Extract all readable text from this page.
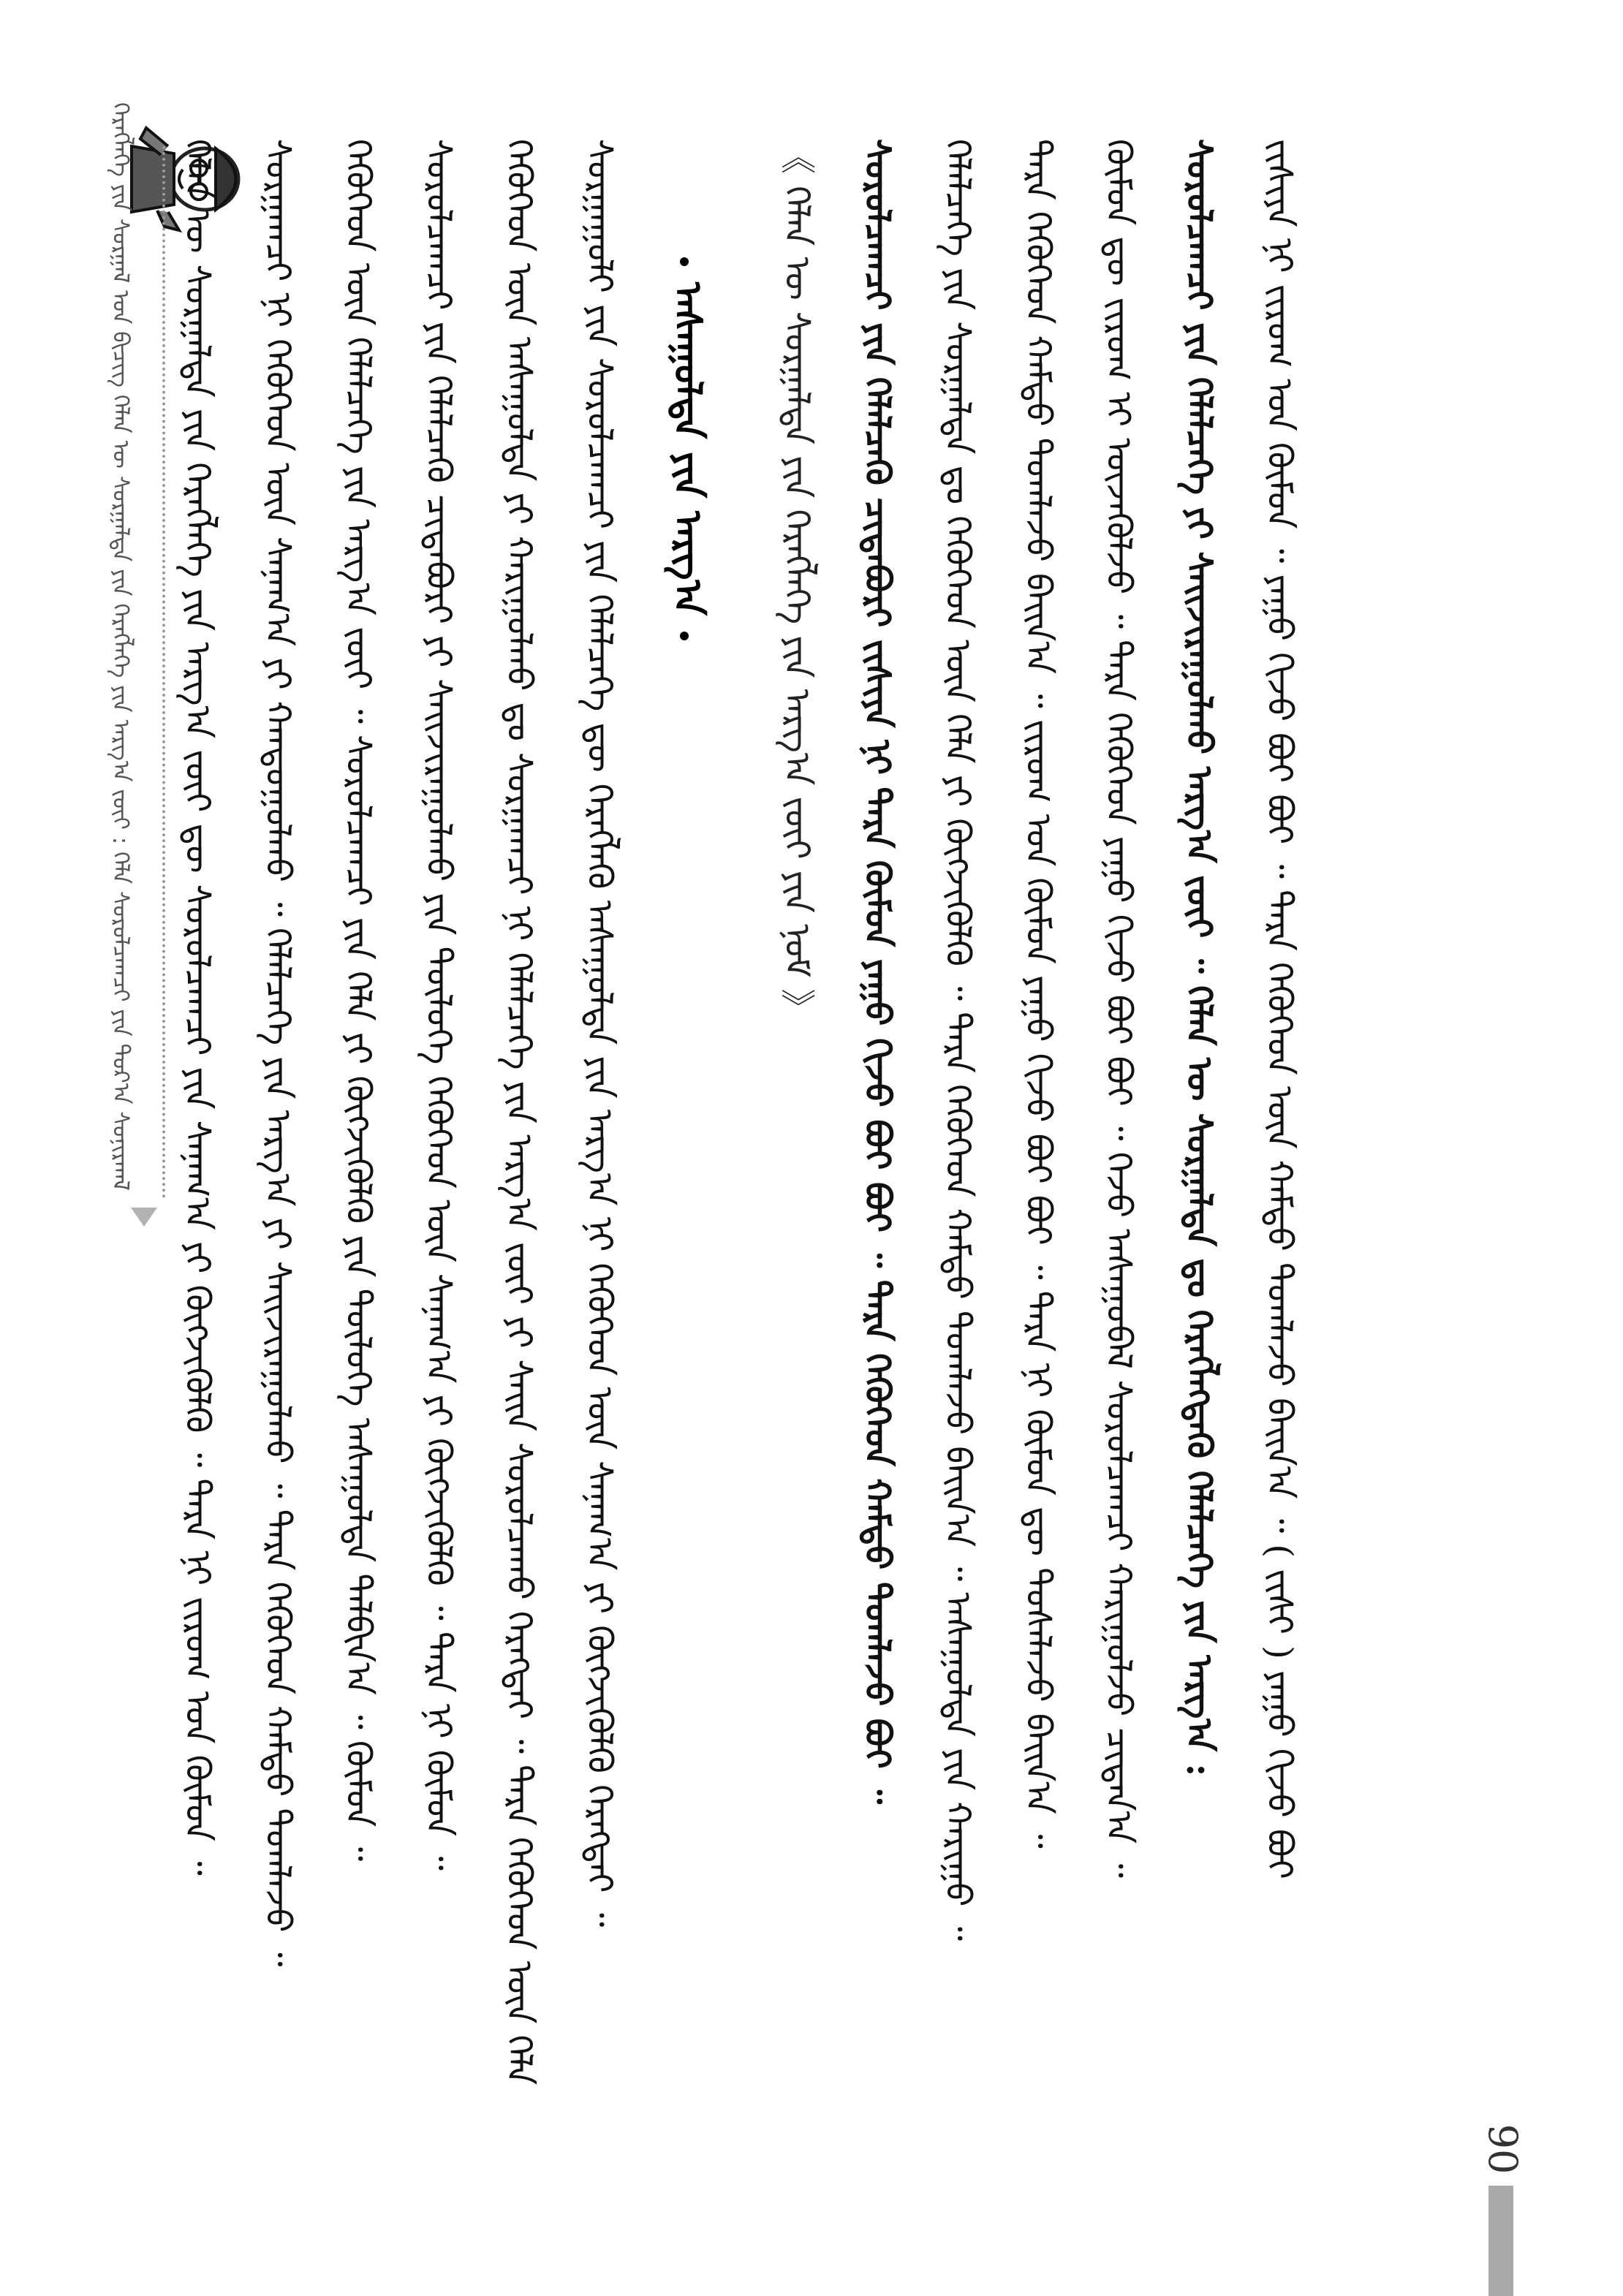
ᠬᠡᠷᠡᠭᠯᠡᠭᠡ ᠶᠢᠨ ᠰᠤᠷᠭᠠᠯ ᠤᠨ ᠪᠢᠴᠢᠭ ᠬᠡᠯᠡᠨ ᠦ ᠰᠤᠷᠭᠠᠯᠲᠠ ᠶᠢᠨ ᠬᠡᠷᠡᠭᠯᠡᠭᠡ ᠶᠢᠨ ᠠᠷᠭ᠎ᠠ ᠵᠦᠢ : ᠬᠡᠯᠡ ᠰᠤᠷᠤᠯᠴᠠᠭᠴᠢ ᠶᠢᠨ ᠳᠤᠷ᠎ᠠ ᠰᠣᠨᠢᠷᠬᠠᠯ	ᠵᠢᠱᠢᠶᠡ ᠨᠢ ᠵᠢᠷᠤᠭ ᠤᠨ ᠬᠦᠮᠦᠨ ᠃ ᠶᠠᠭᠤ ᠬᠢᠵᠦ ᠪᠤᠢ ᠪᠤᠢ ᠃ ᠲᠡᠷᠡ ᠬᠡᠭᠦᠬᠡᠳ ᠦᠨ ᠬᠠᠮᠲᠤ ᠲᠣᠭᠯᠠᠵᠤ ᠪᠠᠢᠨ᠎ᠠ ᠃ ( ᠵᠢᠱᠢ ) ᠶᠠᠭᠤ ᠬᠢᠵᠦ ᠪᠤᠢ
ᠰᠤᠷᠤᠯᠴᠠᠭᠴᠢ ᠶᠢᠨ ᠬᠡᠯᠡᠯᠴᠡᠭᠡ ᠶᠢ ᠰᠠᠢᠵᠢᠷᠠᠭᠤᠯᠬᠤ ᠠᠷᠭ᠎ᠠ ᠵᠦᠢ ᠃ ᠬᠡᠯᠡᠨ ᠦ ᠰᠤᠷᠭᠠᠯᠲᠠ ᠳᠤ ᠬᠡᠷᠡᠭᠯᠡᠭᠳᠡᠬᠦ ᠬᠡᠯᠡᠯᠴᠡᠭᠡ ᠶᠢᠨ ᠠᠷᠭ᠎ᠠ :
ᠬᠦᠮᠦᠨ ᠳᠦ ᠵᠢᠷᠤᠭ ᠢ ᠦᠵᠡᠭᠦᠯᠵᠦ ᠃ ᠲᠡᠷᠡ ᠬᠡᠭᠦᠬᠡᠳ ᠶᠠᠭᠤ ᠬᠢᠵᠦ ᠪᠤᠢ ᠪᠤᠢ ᠃ ᠭᠡᠵᠦ ᠠᠰᠠᠭᠤᠪᠠᠯ ᠰᠤᠷᠤᠯᠴᠠᠭᠴᠢ ᠬᠠᠷᠢᠭᠤᠯᠵᠤ ᠴᠢᠳᠠᠨ᠎ᠠ ᠃
ᠲᠡᠷᠡ ᠬᠡᠭᠦᠬᠡᠳ ᠬᠠᠮᠲᠤ ᠲᠣᠭᠯᠠᠵᠤ ᠪᠠᠢᠨ᠎ᠠ ᠃ ᠵᠢᠷᠤᠭ ᠤᠨ ᠬᠦᠮᠦᠨ ᠶᠠᠭᠤ ᠬᠢᠵᠦ ᠪᠤᠢ ᠪᠤᠢ ᠃ ᠲᠡᠷᠡ ᠨᠢ ᠬᠦᠮᠦᠨ ᠳᠦ ᠲᠤᠰᠠᠯᠠᠵᠤ ᠪᠠᠢᠨ᠎ᠠ ᠃
ᠬᠡᠯᠡᠯᠴᠡᠭᠡ ᠶᠢᠨ ᠰᠤᠷᠭᠠᠯᠲᠠ ᠳᠤ ᠬᠡᠭᠦᠬᠡᠳ ᠦᠨ ᠬᠡᠯᠡ ᠶᠢ ᠬᠥᠭᠵᠢᠭᠦᠯᠬᠦ ᠃ ᠲᠡᠷᠡ ᠬᠡᠭᠦᠬᠡᠳ ᠬᠠᠮᠲᠤ ᠲᠣᠭᠯᠠᠵᠤ ᠪᠠᠢᠨ᠎ᠠ ᠃ ᠠᠰᠠᠭᠤᠯᠲᠠ ᠶᠢᠨ ᠬᠠᠷᠢᠭᠤ ᠃
ᠰᠤᠷᠤᠯᠴᠠᠭᠴᠢ ᠶᠢᠨ ᠬᠡᠯᠡᠯᠴᠡᠬᠦ ᠴᠢᠳᠠᠪᠤᠷᠢ ᠵᠢᠱᠢᠶᠡ ᠨᠢ ᠲᠡᠷᠡ ᠬᠦᠮᠦᠨ ᠶᠠᠭᠤ ᠬᠢᠵᠦ ᠪᠤᠢ ᠪᠤᠢ ᠃ ᠲᠡᠷᠡ ᠬᠡᠭᠦᠬᠡᠳ ᠬᠠᠮᠲᠤ ᠲᠣᠭᠯᠠᠵᠤ ᠪᠤᠢ ᠃
《 ᠬᠡᠯᠡᠨ ᠦ ᠰᠤᠷᠭᠠᠯᠲᠠ ᠶᠢᠨ ᠬᠡᠷᠡᠭᠯᠡᠭᠡ ᠶᠢᠨ ᠠᠷᠭ᠎ᠠ ᠵᠦᠢ ᠶᠢᠨ ᠨᠣᠮ 》
ᠠᠰᠠᠭᠤᠯᠲᠠ ᠶᠢᠨ ᠠᠷᠭ᠎ᠠ
ᠰᠤᠷᠭᠠᠭᠤᠯᠢ ᠶᠢᠨ ᠰᠤᠷᠤᠯᠴᠠᠭᠴᠢ ᠶᠢᠨ ᠬᠡᠯᠡᠯᠴᠡᠭᠡ ᠳᠦ ᠬᠡᠷᠡᠭᠯᠡᠬᠦ ᠠᠰᠠᠭᠤᠯᠲᠠ ᠶᠢᠨ ᠠᠷᠭ᠎ᠠ ᠨᠢ ᠬᠡᠭᠦᠬᠡᠳ ᠦᠨ ᠰᠠᠨᠠᠭ᠎ᠠ ᠶᠢ ᠬᠥᠭᠵᠢᠭᠦᠯᠬᠦ ᠬᠡᠷᠡᠭᠲᠡᠢ ᠃
ᠬᠡᠭᠦᠬᠡᠳ ᠦᠨ ᠠᠰᠠᠭᠤᠯᠲᠠ ᠶᠢ ᠬᠠᠷᠢᠭᠤᠯᠬᠤ ᠳᠤ ᠰᠤᠷᠭᠠᠭᠴᠢ ᠨᠢ ᠬᠡᠯᠡᠯᠴᠡᠭᠡ ᠶᠢᠨ ᠠᠷᠭ᠎ᠠ ᠵᠦᠢ ᠶᠢ ᠰᠠᠢᠨ ᠰᠤᠷᠤᠯᠴᠠᠬᠤ ᠬᠡᠷᠡᠭᠲᠡᠢ ᠃ ᠲᠡᠷᠡ ᠬᠡᠭᠦᠬᠡᠳ ᠦᠨ ᠬᠡᠯᠡ
ᠰᠤᠷᠤᠯᠴᠠᠭᠴᠢ ᠶᠢᠨ ᠬᠡᠯᠡᠯᠴᠡᠬᠦ ᠴᠢᠳᠠᠪᠤᠷᠢ ᠶᠢ ᠰᠠᠢᠵᠢᠷᠠᠭᠤᠯᠬᠤ ᠶᠢᠨ ᠲᠥᠯᠥᠭᠡ ᠬᠡᠭᠦᠬᠡᠳ ᠦᠨ ᠰᠠᠨᠠᠭ᠎ᠠ ᠶᠢ ᠬᠥᠭᠵᠢᠭᠦᠯᠬᠦ ᠃ ᠲᠡᠷᠡ ᠨᠢ ᠬᠦᠮᠦᠨ ᠃
ᠬᠡᠭᠦᠬᠡᠳ ᠦᠨ ᠬᠡᠯᠡᠯᠴᠡᠭᠡ ᠶᠢᠨ ᠠᠷᠭ᠎ᠠ ᠵᠦᠢ ᠃ ᠰᠤᠷᠤᠯᠴᠠᠭᠴᠢ ᠶᠢᠨ ᠬᠡᠯᠡ ᠶᠢ ᠬᠥᠭᠵᠢᠭᠦᠯᠬᠦ ᠶᠢᠨ ᠲᠥᠯᠥᠭᠡ ᠠᠰᠠᠭᠤᠯᠲᠠ ᠲᠠᠯᠪᠢᠨ᠎ᠠ ᠃ ᠬᠦᠮᠦᠨ ᠃
ᠰᠤᠷᠭᠠᠭᠴᠢ ᠨᠢ ᠬᠡᠭᠦᠬᠡᠳ ᠦᠨ ᠰᠠᠨᠠᠭ᠎ᠠ ᠶᠢ ᠬᠠᠨᠳᠤᠭᠤᠯᠬᠤ ᠃ ᠬᠡᠯᠡᠯᠴᠡᠭᠡ ᠶᠢᠨ ᠠᠷᠭ᠎ᠠ ᠶᠢ ᠰᠠᠢᠵᠢᠷᠠᠭᠤᠯᠬᠤ ᠃ ᠲᠡᠷᠡ ᠬᠡᠭᠦᠬᠡᠳ ᠬᠠᠮᠲᠤ ᠲᠣᠭᠯᠠᠵᠤ ᠃
ᠬᠡᠯᠡᠨ ᠦ ᠰᠤᠷᠭᠠᠯᠲᠠ ᠶᠢᠨ ᠬᠡᠷᠡᠭᠯᠡᠭᠡ ᠶᠢᠨ ᠠᠷᠭ᠎ᠠ ᠵᠦᠢ ᠳᠦ ᠰᠤᠷᠤᠯᠴᠠᠭᠴᠢ ᠶᠢᠨ ᠰᠠᠨᠠᠭ᠎ᠠ ᠶᠢ ᠬᠥᠭᠵᠢᠭᠦᠯᠬᠦ ᠃ ᠲᠡᠷᠡ ᠨᠢ ᠵᠢᠷᠤᠭ ᠤᠨ ᠬᠦᠮᠦᠨ ᠃
90
